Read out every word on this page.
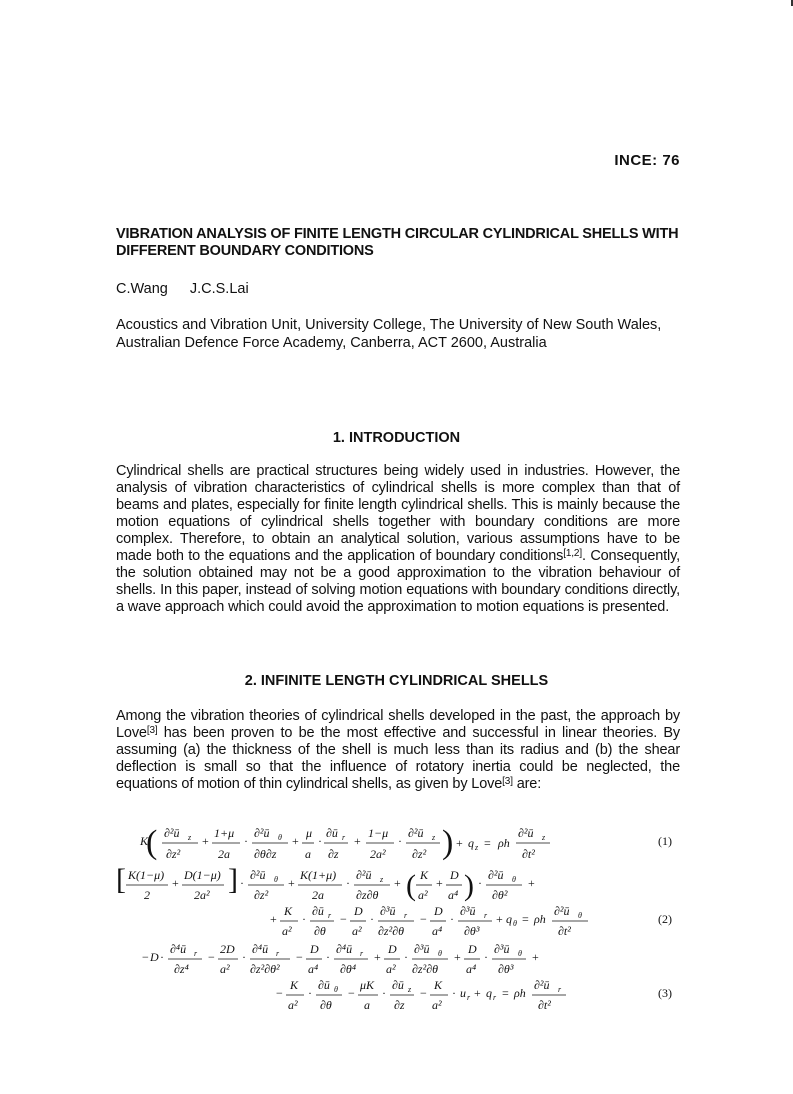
INCE: 76
VIBRATION ANALYSIS OF FINITE LENGTH CIRCULAR CYLINDRICAL SHELLS WITH DIFFERENT BOUNDARY CONDITIONS
C.Wang J.C.S.Lai
Acoustics and Vibration Unit, University College, The University of New South Wales, Australian Defence Force Academy, Canberra, ACT 2600, Australia
1. INTRODUCTION
Cylindrical shells are practical structures being widely used in industries. However, the analysis of vibration characteristics of cylindrical shells is more complex than that of beams and plates, especially for finite length cylindrical shells. This is mainly because the motion equations of cylindrical shells together with boundary conditions are more complex. Therefore, to obtain an analytical solution, various assumptions have to be made both to the equations and the application of boundary conditions[1,2]. Consequently, the solution obtained may not be a good approximation to the vibration behaviour of shells. In this paper, instead of solving motion equations with boundary conditions directly, a wave approach which could avoid the approximation to motion equations is presented.
2. INFINITE LENGTH CYLINDRICAL SHELLS
Among the vibration theories of cylindrical shells developed in the past, the approach by Love[3] has been proven to be the most effective and successful in linear theories. By assuming (a) the thickness of the shell is much less than its radius and (b) the shear deflection is small so that the influence of rotatory inertia could be neglected, the equations of motion of thin cylindrical shells, as given by Love[3] are:
K
( ∂²ū z
∂z²
+
1+μ
2a
·
∂²ū θ
∂θ∂z
+
μ
a
·
∂ū r
∂z
+
1−μ
2a²
·
∂²ū z
∂z² ) + q z = ρh
∂²ū z
∂t²
[ K(1−μ)
2
+
D(1−μ)
2a² ] ·
∂²ū θ
∂z²
+
K(1+μ)
2a
·
∂²ū z
∂z∂θ
+ ( K
a²
+
D
a⁴ ) ·
∂²ū θ
∂θ²
+
+
K
a²
·
∂ū r
∂θ
−
D
a²
·
∂³ū r
∂z²∂θ
−
D
a⁴
·
∂³ū r
∂θ³
+ q θ = ρh
∂²ū θ
∂t²
− D ·
∂⁴ū r
∂z⁴
−
2D
a²
·
∂⁴ū r
∂z²∂θ²
−
D
a⁴
·
∂⁴ū r
∂θ⁴
+
D
a²
·
∂³ū θ
∂z²∂θ
+
D
a⁴
·
∂³ū θ
∂θ³
+
−
K
a²
·
∂ū θ
∂θ
−
μK
a
·
∂ū z
∂z
−
K
a²
· u r + q r = ρh
∂²ū r
∂t²
(1)
(2)
(3)
